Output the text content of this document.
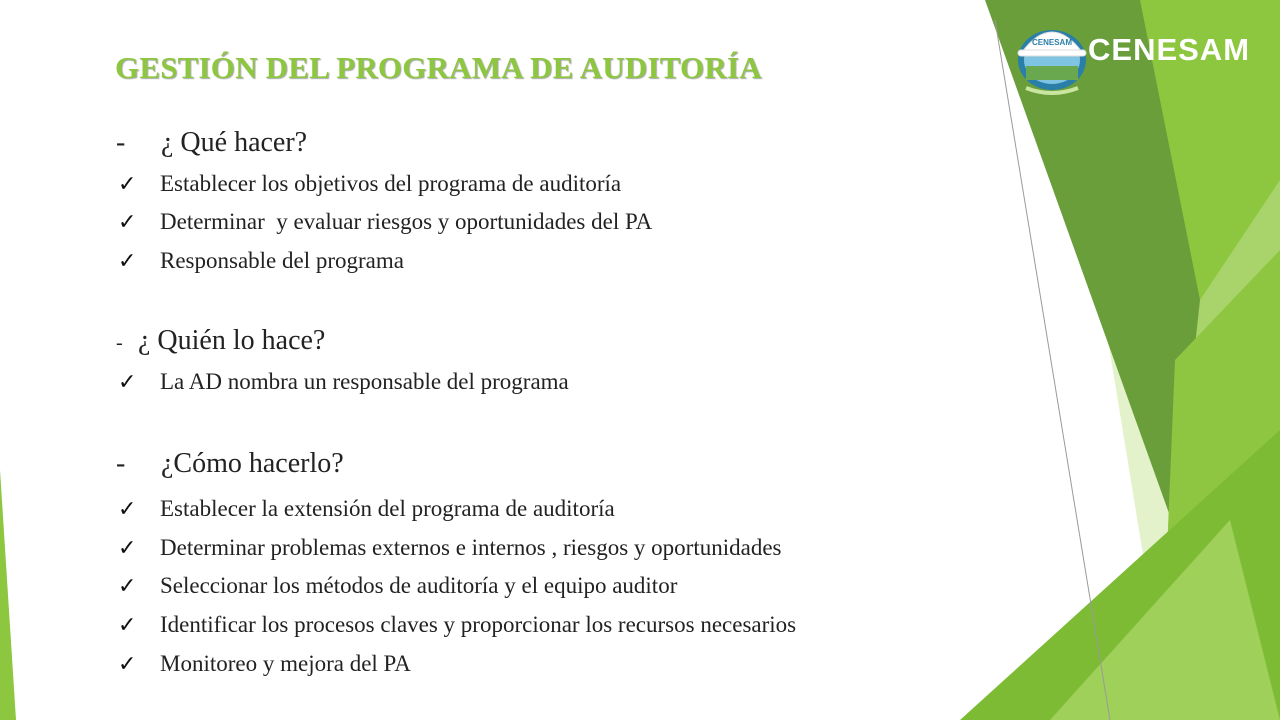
CENESAM CENESAM
GESTIÓN DEL PROGRAMA DE AUDITORÍA
- ¿ Qué hacer?
✓ Establecer los objetivos del programa de auditoría
✓ Determinar  y evaluar riesgos y oportunidades del PA
✓ Responsable del programa
- ¿ Quién lo hace?
✓ La AD nombra un responsable del programa
- ¿Cómo hacerlo?
✓ Establecer la extensión del programa de auditoría
✓ Determinar problemas externos e internos , riesgos y oportunidades
✓ Seleccionar los métodos de auditoría y el equipo auditor
✓ Identificar los procesos claves y proporcionar los recursos necesarios
✓ Monitoreo y mejora del PA
